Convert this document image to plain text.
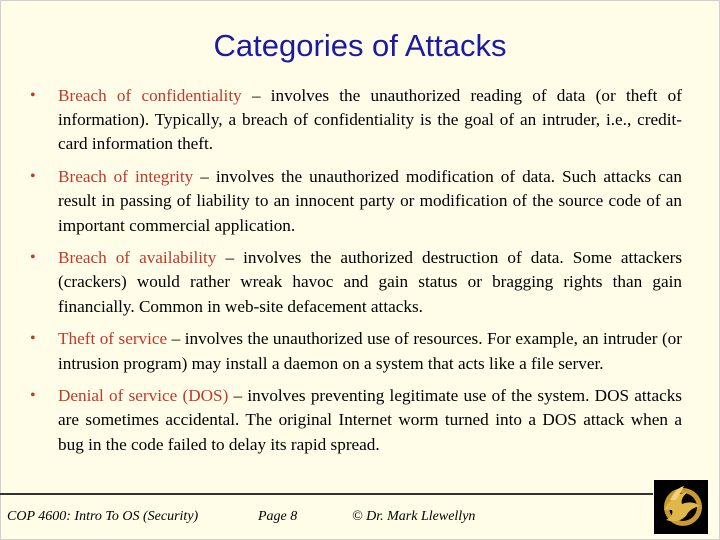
Categories of Attacks
• Breach of confidentiality – involves the unauthorized reading of data (or theft of information). Typically, a breach of confidentiality is the goal of an intruder, i.e., credit-card information theft.
• Breach of integrity – involves the unauthorized modification of data. Such attacks can result in passing of liability to an innocent party or modification of the source code of an important commercial application.
• Breach of availability – involves the authorized destruction of data. Some attackers (crackers) would rather wreak havoc and gain status or bragging rights than gain financially. Common in web-site defacement attacks.
• Theft of service – involves the unauthorized use of resources. For example, an intruder (or intrusion program) may install a daemon on a system that acts like a file server.
• Denial of service (DOS) – involves preventing legitimate use of the system. DOS attacks are sometimes accidental. The original Internet worm turned into a DOS attack when a bug in the code failed to delay its rapid spread.
COP 4600: Intro To OS (Security)	Page 8	© Dr. Mark Llewellyn
